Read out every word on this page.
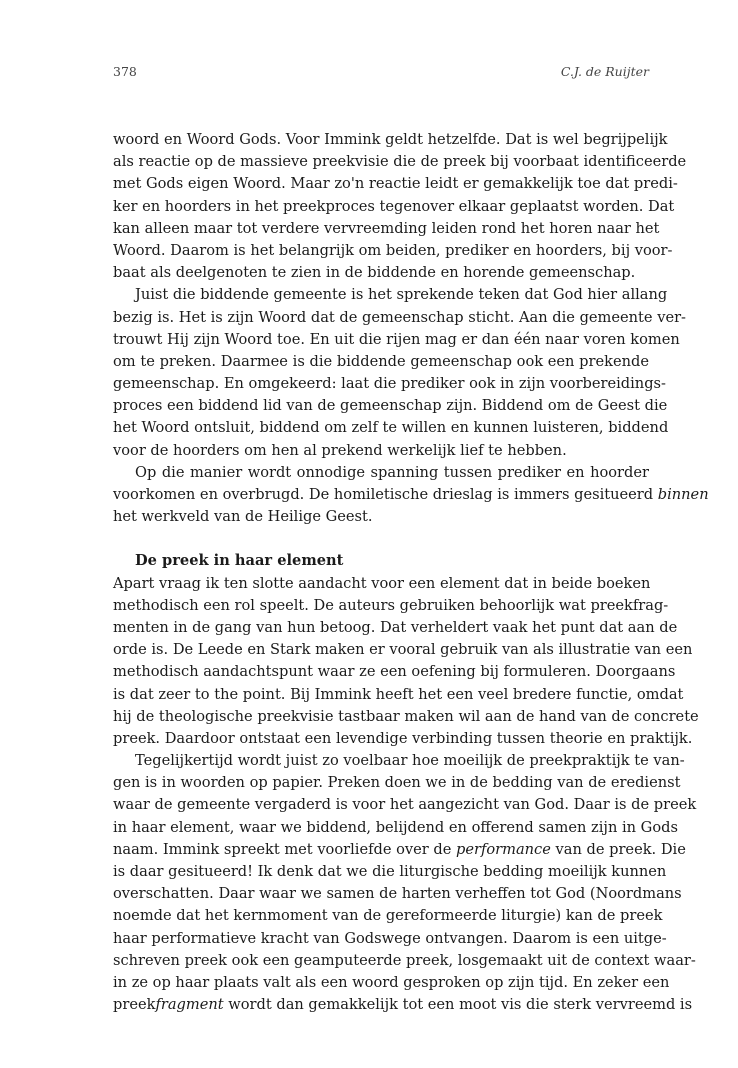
378	C.J. de Ruijter
woord en Woord Gods. Voor Immink geldt hetzelfde. Dat is wel begrijpelijk
als reactie op de massieve preekvisie die de preek bij voorbaat identificeerde
met Gods eigen Woord. Maar zo'n reactie leidt er gemakkelijk toe dat predi-
ker en hoorders in het preekproces tegenover elkaar geplaatst worden. Dat
kan alleen maar tot verdere vervreemding leiden rond het horen naar het
Woord. Daarom is het belangrijk om beiden, prediker en hoorders, bij voor-
baat als deelgenoten te zien in de biddende en horende gemeenschap.
Juist die biddende gemeente is het sprekende teken dat God hier allang
bezig is. Het is zijn Woord dat de gemeenschap sticht. Aan die gemeente ver-
trouwt Hij zijn Woord toe. En uit die rijen mag er dan één naar voren komen
om te preken. Daarmee is die biddende gemeenschap ook een prekende
gemeenschap. En omgekeerd: laat die prediker ook in zijn voorbereidings-
proces een biddend lid van de gemeenschap zijn. Biddend om de Geest die
het Woord ontsluit, biddend om zelf te willen en kunnen luisteren, biddend
voor de hoorders om hen al prekend werkelijk lief te hebben.
Op die manier wordt onnodige spanning tussen prediker en hoorder
voorkomen en overbrugd. De homiletische drieslag is immers gesitueerd binnen
het werkveld van de Heilige Geest.
De preek in haar element
Apart vraag ik ten slotte aandacht voor een element dat in beide boeken
methodisch een rol speelt. De auteurs gebruiken behoorlijk wat preekfrag-
menten in de gang van hun betoog. Dat verheldert vaak het punt dat aan de
orde is. De Leede en Stark maken er vooral gebruik van als illustratie van een
methodisch aandachtspunt waar ze een oefening bij formuleren. Doorgaans
is dat zeer to the point. Bij Immink heeft het een veel bredere functie, omdat
hij de theologische preekvisie tastbaar maken wil aan de hand van de concrete
preek. Daardoor ontstaat een levendige verbinding tussen theorie en praktijk.
Tegelijkertijd wordt juist zo voelbaar hoe moeilijk de preekpraktijk te van-
gen is in woorden op papier. Preken doen we in de bedding van de eredienst
waar de gemeente vergaderd is voor het aangezicht van God. Daar is de preek
in haar element, waar we biddend, belijdend en offerend samen zijn in Gods
naam. Immink spreekt met voorliefde over de performance van de preek. Die
is daar gesitueerd! Ik denk dat we die liturgische bedding moeilijk kunnen
overschatten. Daar waar we samen de harten verheffen tot God (Noordmans
noemde dat het kernmoment van de gereformeerde liturgie) kan de preek
haar performatieve kracht van Godswege ontvangen. Daarom is een uitge-
schreven preek ook een geamputeerde preek, losgemaakt uit de context waar-
in ze op haar plaats valt als een woord gesproken op zijn tijd. En zeker een
preekfragment wordt dan gemakkelijk tot een moot vis die sterk vervreemd is
